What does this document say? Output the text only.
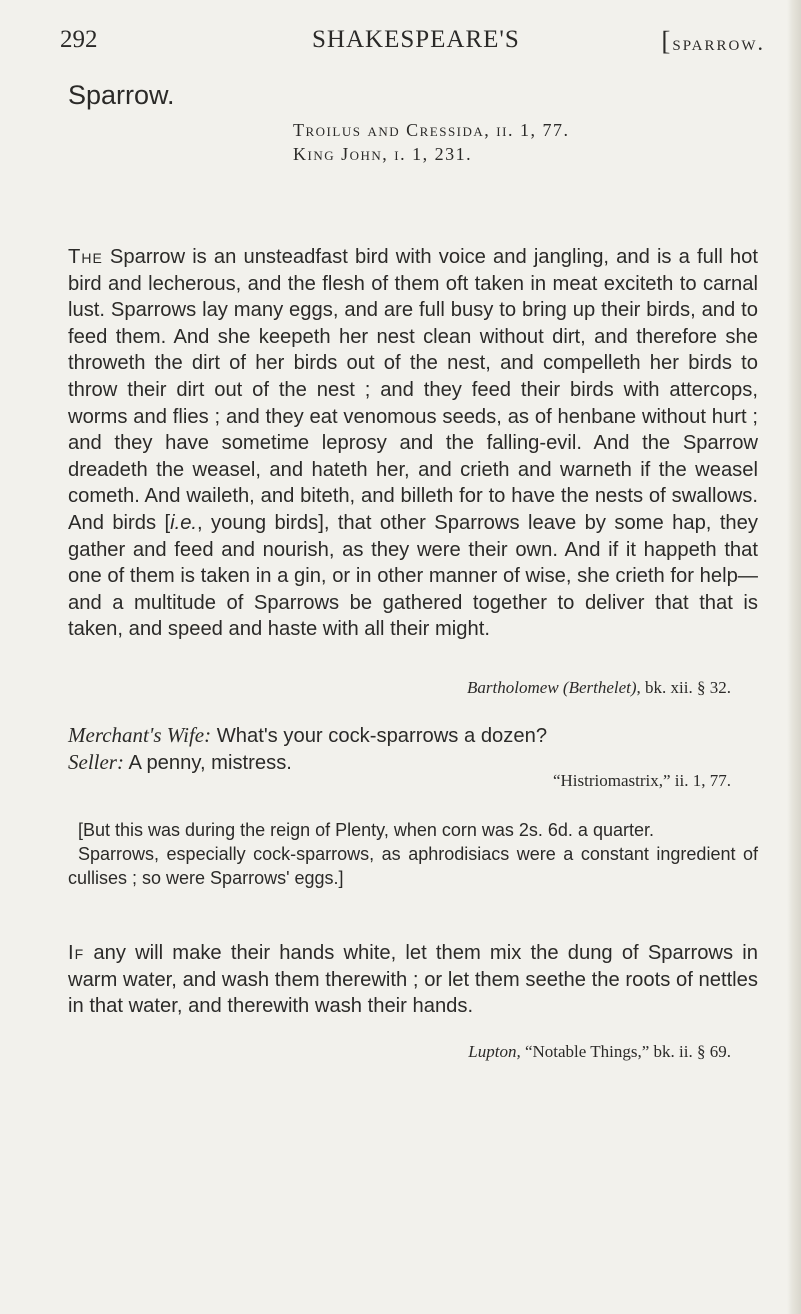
292	SHAKESPEARE'S	[sparrow.
Sparrow.
Troilus and Cressida, ii. 1, 77.
King John, i. 1, 231.
The Sparrow is an unsteadfast bird with voice and jangling, and is a full hot bird and lecherous, and the flesh of them oft taken in meat exciteth to carnal lust. Sparrows lay many eggs, and are full busy to bring up their birds, and to feed them. And she keepeth her nest clean without dirt, and therefore she throweth the dirt of her birds out of the nest, and compelleth her birds to throw their dirt out of the nest ; and they feed their birds with attercops, worms and flies ; and they eat venomous seeds, as of henbane without hurt ; and they have sometime leprosy and the falling-evil. And the Sparrow dreadeth the weasel, and hateth her, and crieth and warneth if the weasel cometh. And waileth, and biteth, and billeth for to have the nests of swallows. And birds [i.e., young birds], that other Sparrows leave by some hap, they gather and feed and nourish, as they were their own. And if it happeth that one of them is taken in a gin, or in other manner of wise, she crieth for help—and a multitude of Sparrows be gathered together to deliver that that is taken, and speed and haste with all their might.
Bartholomew (Berthelet), bk. xii. § 32.
Merchant's Wife: What's your cock-sparrows a dozen?
Seller: A penny, mistress.
“Histriomastrix,” ii. 1, 77.

[But this was during the reign of Plenty, when corn was 2s. 6d. a quarter.

Sparrows, especially cock-sparrows, as aphrodisiacs were a constant ingredient of cullises ; so were Sparrows' eggs.]

If any will make their hands white, let them mix the dung of Sparrows in warm water, and wash them therewith ; or let them seethe the roots of nettles in that water, and therewith wash their hands.
Lupton, “Notable Things,” bk. ii. § 69.
